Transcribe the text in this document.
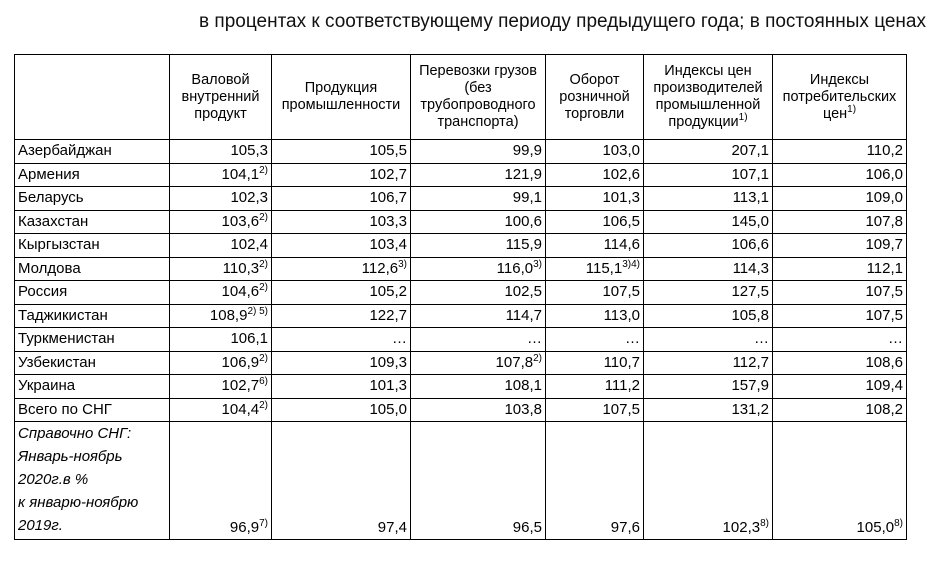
в процентах к соответствующему периоду предыдущего года; в постоянных ценах
	Валовой внутренний продукт	Продукция промышленности	Перевозки грузов (без трубопроводного транспорта)	Оборот розничной торговли	Индексы цен производителей промышленной продукции$^{1)}$	Индексы потребительских цен$^{1)}$
Азербайджан	105,3	105,5	99,9	103,0	207,1	110,2
Армения	104,1$^{2)}$	102,7	121,9	102,6	107,1	106,0
Беларусь	102,3	106,7	99,1	101,3	113,1	109,0
Казахстан	103,6$^{2)}$	103,3	100,6	106,5	145,0	107,8
Кыргызстан	102,4	103,4	115,9	114,6	106,6	109,7
Молдова	110,3$^{2)}$	112,6$^{3)}$	116,0$^{3)}$	$115,1^{3)4)}$	114,3	112,1
Россия	104,6$^{2)}$	105,2	102,5	107,5	127,5	107,5
Таджикистан	$108,9^{2) 5)}$	122,7	114,7	113,0	105,8	107,5
Туркменистан	106,1	…	…	…	…	…
Узбекистан	106,9$^{2)}$	109,3	107,8$^{2)}$	110,7	112,7	108,6
Украина	102,7$^{6)}$	101,3	108,1	111,2	157,9	109,4
Всего по СНГ	104,4$^{2)}$	105,0	103,8	107,5	131,2	108,2

Справочно СНГ:
Январь-ноябрь
2020г.в %
к январю-ноябрю
2019г.	96,9$^{7)}$	97,4	96,5	97,6	102,3$^{8)}$	105,0$^{8)}$
